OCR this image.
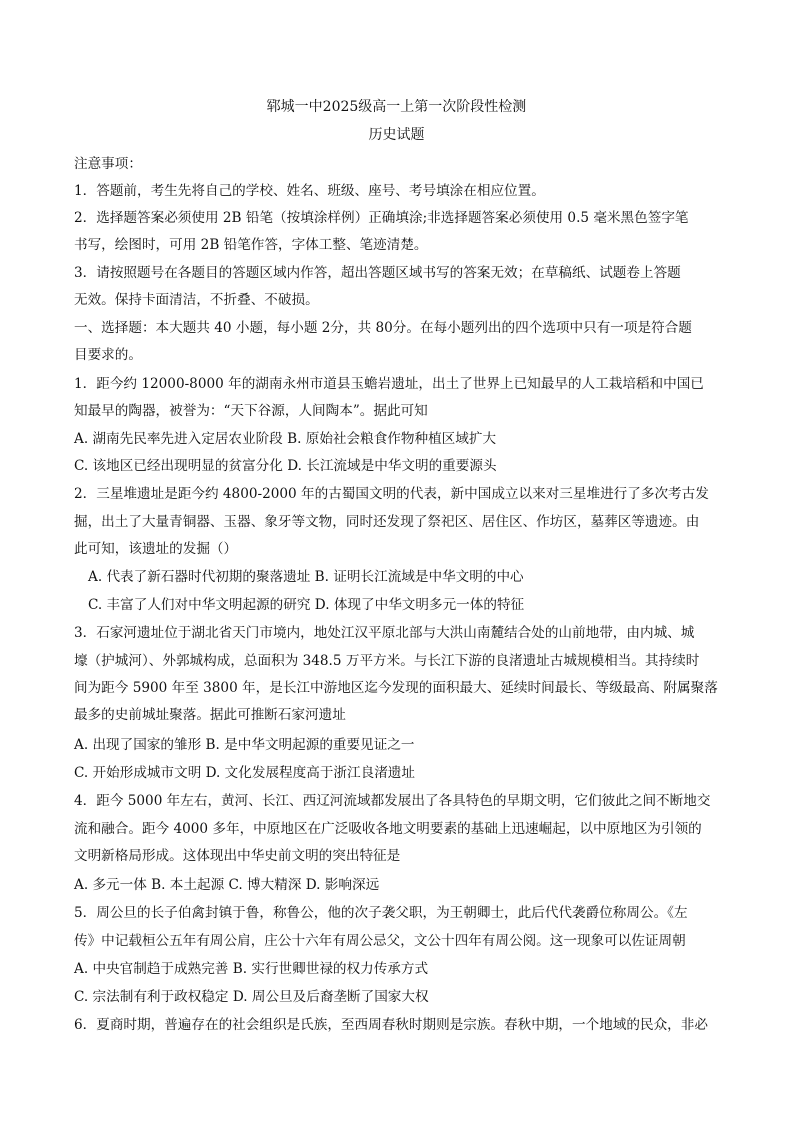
郓城一中2025级高一上第一次阶段性检测
历史试题
注意事项：
1．答题前，考生先将自己的学校、姓名、班级、座号、考号填涂在相应位置。
2．选择题答案必须使用 2B 铅笔（按填涂样例）正确填涂;非选择题答案必须使用 0.5 毫米黑色签字笔
书写，绘图时，可用 2B 铅笔作答，字体工整、笔迹清楚。
3．请按照题号在各题目的答题区域内作答，超出答题区域书写的答案无效；在草稿纸、试题卷上答题
无效。保持卡面清洁，不折叠、不破损。
一、选择题：本大题共 40 小题，每小题 2分，共 80分。在每小题列出的四个选项中只有一项是符合题
目要求的。
1．距今约 12000-8000 年的湖南永州市道县玉蟾岩遗址，出土了世界上已知最早的人工栽培稻和中国已
知最早的陶器，被誉为：“天下谷源，人间陶本”。据此可知
A. 湖南先民率先进入定居农业阶段 B. 原始社会粮食作物种植区域扩大
C. 该地区已经出现明显的贫富分化 D. 长江流域是中华文明的重要源头
2．三星堆遗址是距今约 4800-2000 年的古蜀国文明的代表，新中国成立以来对三星堆进行了多次考古发
掘，出土了大量青铜器、玉器、象牙等文物，同时还发现了祭祀区、居住区、作坊区，墓葬区等遗迹。由
此可知，该遗址的发掘（）
A. 代表了新石器时代初期的聚落遗址 B. 证明长江流域是中华文明的中心
C. 丰富了人们对中华文明起源的研究 D. 体现了中华文明多元一体的特征
3．石家河遗址位于湖北省天门市境内，地处江汉平原北部与大洪山南麓结合处的山前地带，由内城、城
壕（护城河）、外郭城构成，总面积为 348.5 万平方米。与长江下游的良渚遗址古城规模相当。其持续时
间为距今 5900 年至 3800 年，是长江中游地区迄今发现的面积最大、延续时间最长、等级最高、附属聚落
最多的史前城址聚落。据此可推断石家河遗址
A. 出现了国家的雏形 B. 是中华文明起源的重要见证之一
C. 开始形成城市文明 D. 文化发展程度高于浙江良渚遗址
4．距今 5000 年左右，黄河、长江、西辽河流域都发展出了各具特色的早期文明，它们彼此之间不断地交
流和融合。距今 4000 多年，中原地区在广泛吸收各地文明要素的基础上迅速崛起，以中原地区为引领的
文明新格局形成。这体现出中华史前文明的突出特征是
A. 多元一体 B. 本土起源 C. 博大精深 D. 影响深远
5．周公旦的长子伯禽封镇于鲁，称鲁公，他的次子袭父职，为王朝卿士，此后代代袭爵位称周公。《左
传》中记载桓公五年有周公肩，庄公十六年有周公忌父，文公十四年有周公阅。这一现象可以佐证周朝
A. 中央官制趋于成熟完善 B. 实行世卿世禄的权力传承方式
C. 宗法制有利于政权稳定 D. 周公旦及后裔垄断了国家大权
6．夏商时期，普遍存在的社会组织是氏族，至西周春秋时期则是宗族。春秋中期，一个地域的民众，非必
